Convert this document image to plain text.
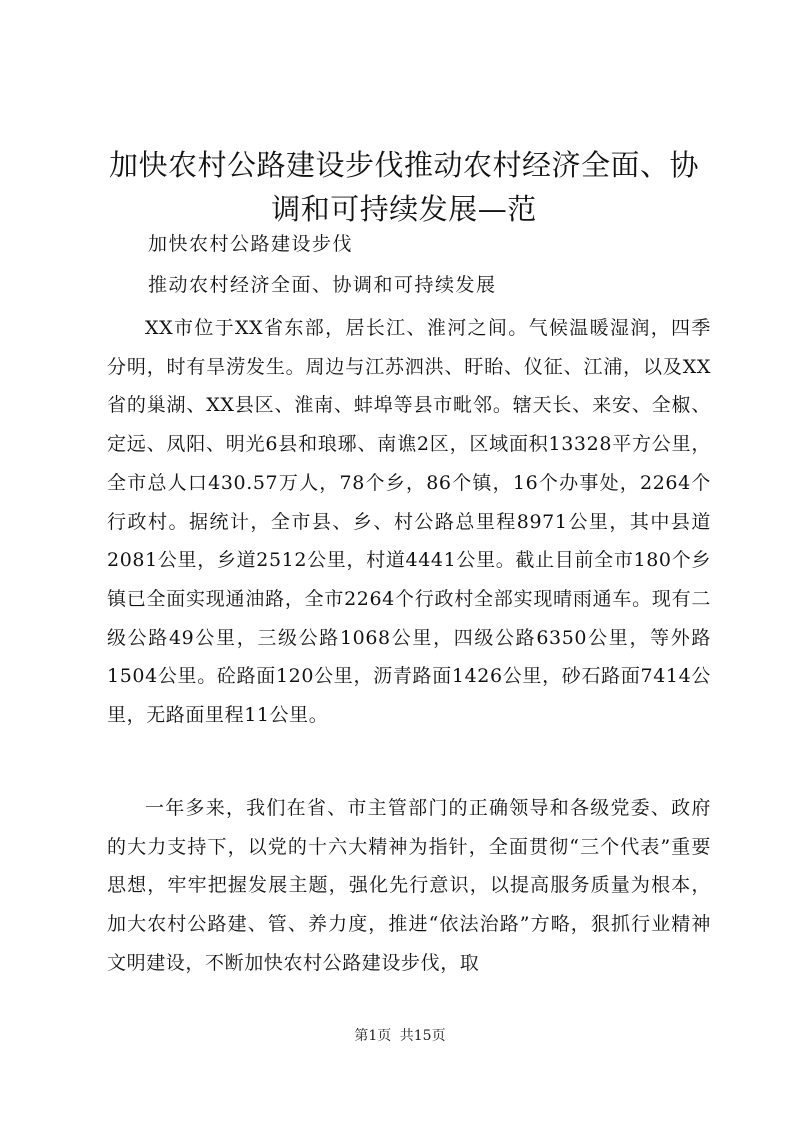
加快农村公路建设步伐推动农村经济全面、协调和可持续发展—范
加快农村公路建设步伐
推动农村经济全面、协调和可持续发展

XX市位于XX省东部，居长江、淮河之间。气候温暖湿润，四季分明，时有旱涝发生。周边与江苏泗洪、盱眙、仪征、江浦，以及XX省的巢湖、XX县区、淮南、蚌埠等县市毗邻。辖天长、来安、全椒、定远、凤阳、明光6县和琅琊、南谯2区，区域面积13328平方公里，全市总人口430.57万人，78个乡，86个镇，16个办事处，2264个行政村。据统计，全市县、乡、村公路总里程8971公里，其中县道2081公里，乡道2512公里，村道4441公里。截止目前全市180个乡镇已全面实现通油路，全市2264个行政村全部实现晴雨通车。现有二级公路49公里，三级公路1068公里，四级公路6350公里，等外路1504公里。砼路面120公里，沥青路面1426公里，砂石路面7414公里，无路面里程11公里。

一年多来，我们在省、市主管部门的正确领导和各级党委、政府的大力支持下，以党的十六大精神为指针，全面贯彻“三个代表”重要思想，牢牢把握发展主题，强化先行意识，以提高服务质量为根本，加大农村公路建、管、养力度，推进“依法治路”方略，狠抓行业精神文明建设，不断加快农村公路建设步伐，取

第1页 共15页
